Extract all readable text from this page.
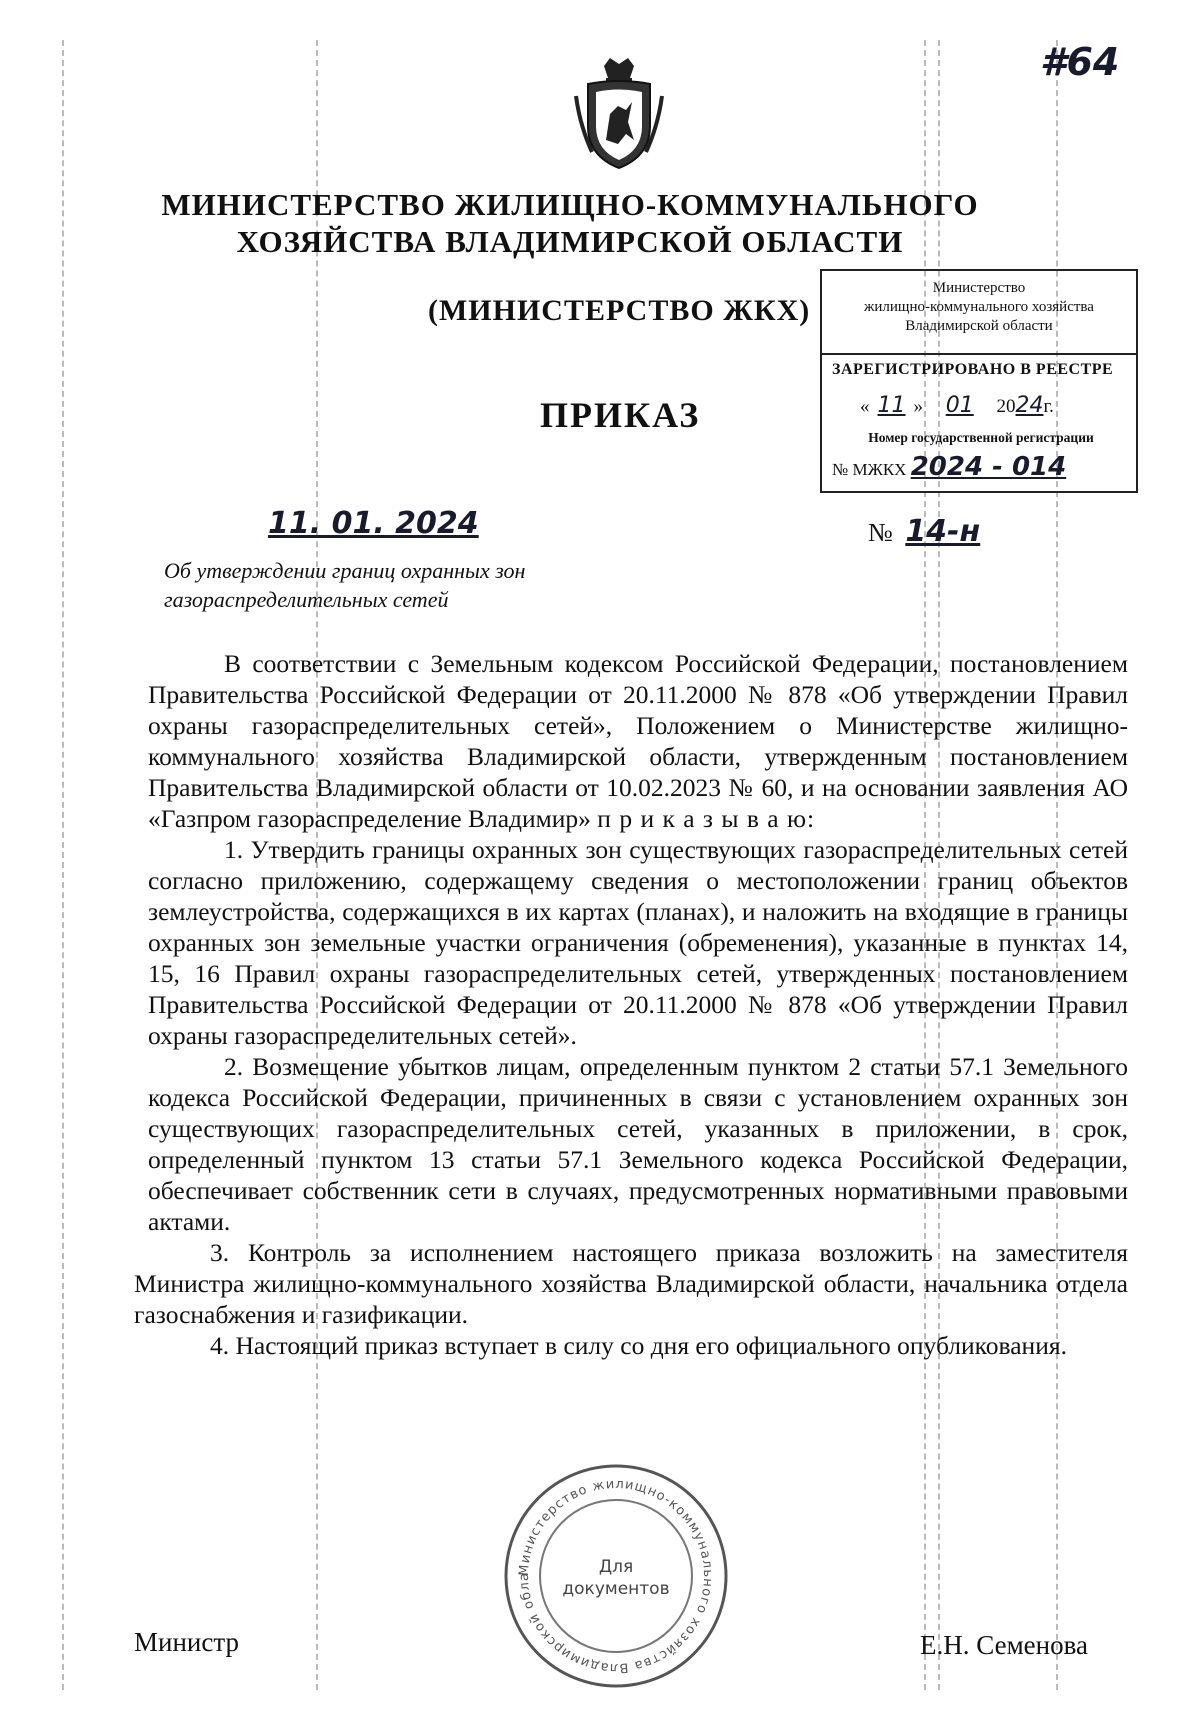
#64
МИНИСТЕРСТВО ЖИЛИЩНО-КОММУНАЛЬНОГО
ХОЗЯЙСТВА ВЛАДИМИРСКОЙ ОБЛАСТИ
(МИНИСТЕРСТВО ЖКХ)
ПРИКАЗ
Министерство
жилищно-коммунального хозяйства
Владимирской области
ЗАРЕГИСТРИРОВАНО В РЕЕСТРЕ
« 11 » 01 2024г.
Номер государственной регистрации
№ МЖКХ 2024 - 014
11. 01. 2024	№ 14-н
Об утверждении границ охранных зон
газораспределительных сетей
В соответствии с Земельным кодексом Российской Федерации, постановлением Правительства Российской Федерации от 20.11.2000 № 878 «Об утверждении Правил охраны газораспределительных сетей», Положением о Министерстве жилищно-коммунального хозяйства Владимирской области, утвержденным постановлением Правительства Владимирской области от 10.02.2023 № 60, и на основании заявления АО «Газпром газораспределение Владимир» п р и к а з ы в а ю:
1. Утвердить границы охранных зон существующих газораспределительных сетей согласно приложению, содержащему сведения о местоположении границ объектов землеустройства, содержащихся в их картах (планах), и наложить на входящие в границы охранных зон земельные участки ограничения (обременения), указанные в пунктах 14, 15, 16 Правил охраны газораспределительных сетей, утвержденных постановлением Правительства Российской Федерации от 20.11.2000 № 878 «Об утверждении Правил охраны газораспределительных сетей».
2. Возмещение убытков лицам, определенным пунктом 2 статьи 57.1 Земельного кодекса Российской Федерации, причиненных в связи с установлением охранных зон существующих газораспределительных сетей, указанных в приложении, в срок, определенный пунктом 13 статьи 57.1 Земельного кодекса Российской Федерации, обеспечивает собственник сети в случаях, предусмотренных нормативными правовыми актами.
3. Контроль за исполнением настоящего приказа возложить на заместителя Министра жилищно-коммунального хозяйства Владимирской области, начальника отдела газоснабжения и газификации.
4. Настоящий приказ вступает в силу со дня его официального опубликования.
Министерство жилищно-коммунального хозяйства Владимирской обла	Для
документов
Министр	Е.Н. Семенова
